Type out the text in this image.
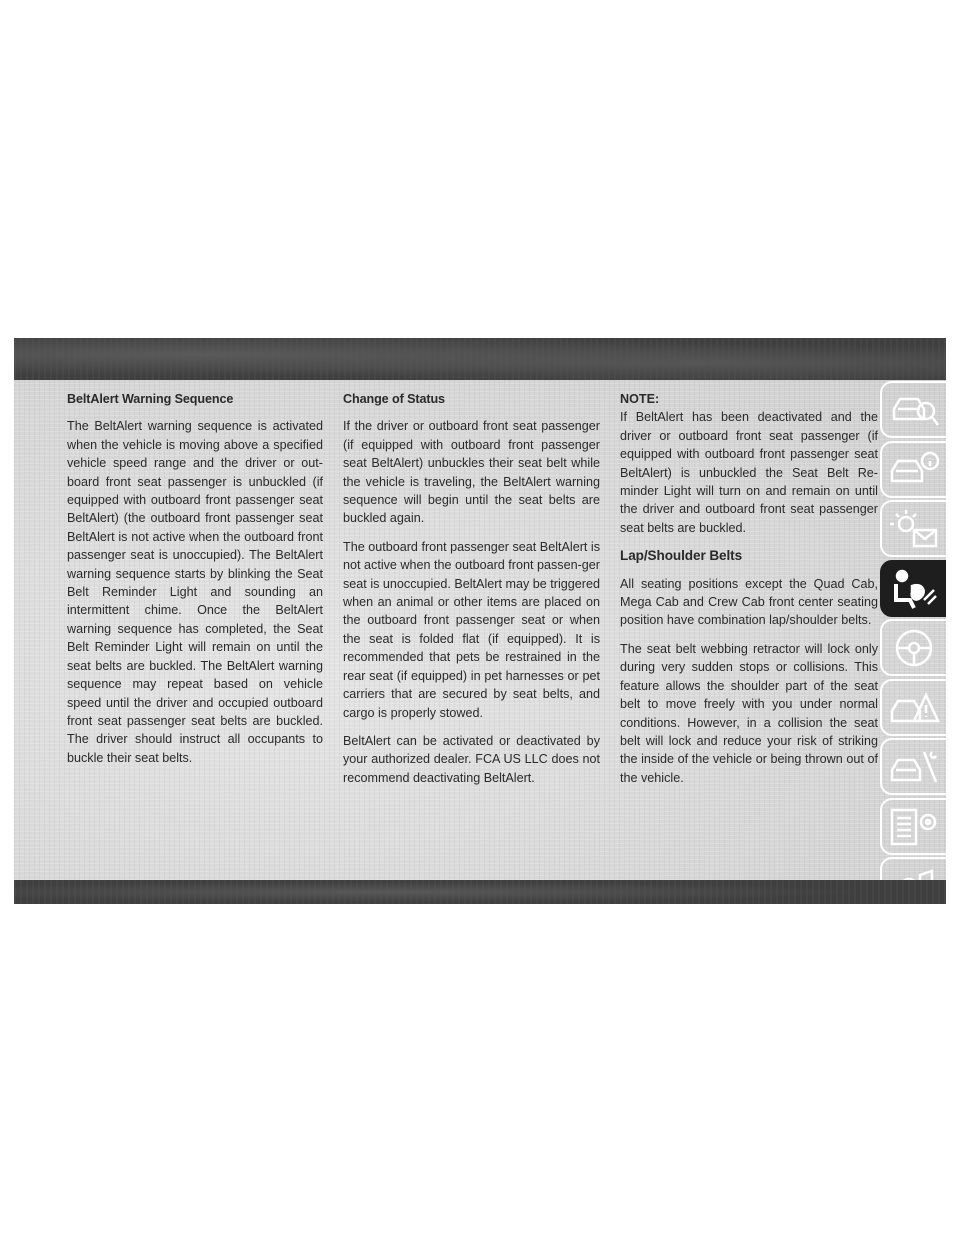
BeltAlert Warning Sequence

The BeltAlert warning sequence is activated when the vehicle is moving above a specified vehicle speed range and the driver or out-board front seat passenger is unbuckled (if equipped with outboard front passenger seat BeltAlert) (the outboard front passenger seat BeltAlert is not active when the outboard front passenger seat is unoccupied). The BeltAlert warning sequence starts by blinking the Seat Belt Reminder Light and sounding an intermittent chime. Once the BeltAlert warning sequence has completed, the Seat Belt Reminder Light will remain on until the seat belts are buckled. The BeltAlert warning sequence may repeat based on vehicle speed until the driver and occupied outboard front seat passenger seat belts are buckled. The driver should instruct all occupants to buckle their seat belts.

Change of Status

If the driver or outboard front seat passenger (if equipped with outboard front passenger seat BeltAlert) unbuckles their seat belt while the vehicle is traveling, the BeltAlert warning sequence will begin until the seat belts are buckled again.

The outboard front passenger seat BeltAlert is not active when the outboard front passen-ger seat is unoccupied. BeltAlert may be triggered when an animal or other items are placed on the outboard front passenger seat or when the seat is folded flat (if equipped). It is recommended that pets be restrained in the rear seat (if equipped) in pet harnesses or pet carriers that are secured by seat belts, and cargo is properly stowed.

BeltAlert can be activated or deactivated by your authorized dealer. FCA US LLC does not recommend deactivating BeltAlert.

NOTE:
If BeltAlert has been deactivated and the driver or outboard front seat passenger (if equipped with outboard front passenger seat BeltAlert) is unbuckled the Seat Belt Re-minder Light will turn on and remain on until the driver and outboard front seat passenger seat belts are buckled.

Lap/Shoulder Belts

All seating positions except the Quad Cab, Mega Cab and Crew Cab front center seating position have combination lap/shoulder belts.

The seat belt webbing retractor will lock only during very sudden stops or collisions. This feature allows the shoulder part of the seat belt to move freely with you under normal conditions. However, in a collision the seat belt will lock and reduce your risk of striking the inside of the vehicle or being thrown out of the vehicle.

Z E
B A
C D
T
